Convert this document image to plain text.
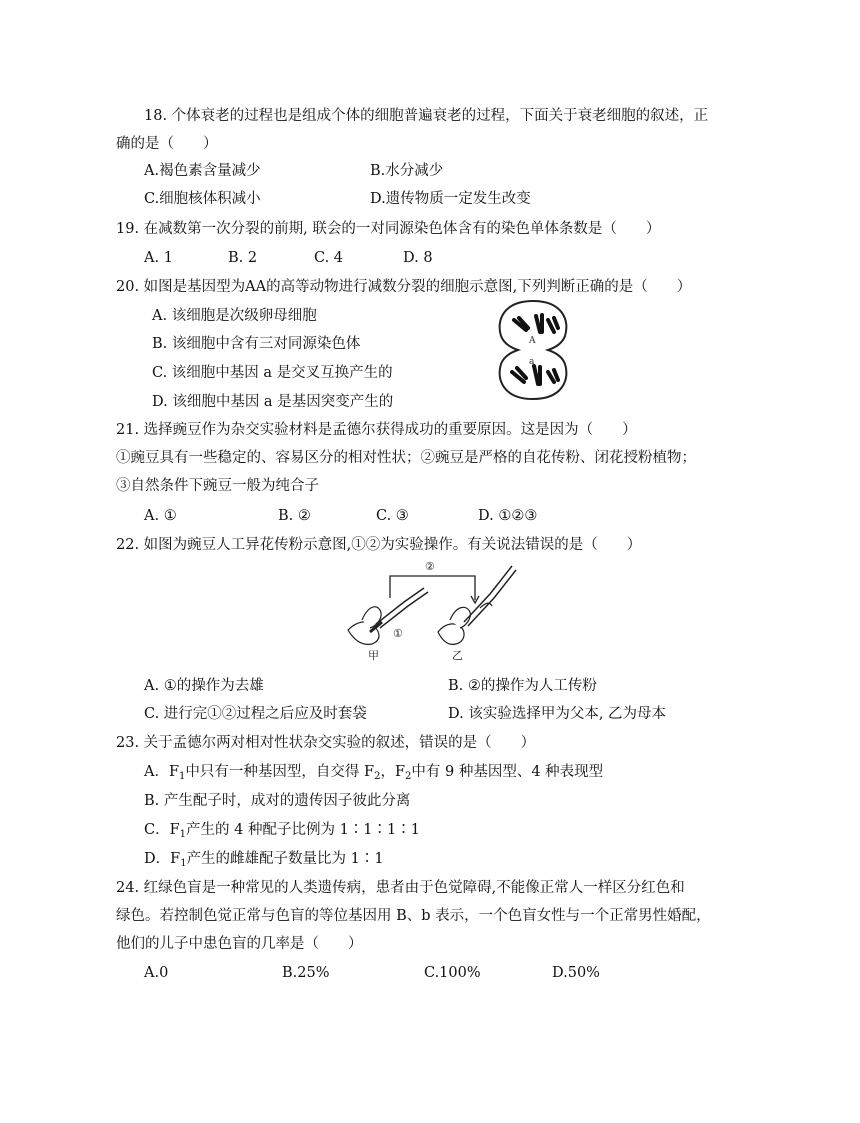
18. 个体衰老的过程也是组成个体的细胞普遍衰老的过程，下面关于衰老细胞的叙述，正
确的是（　　）
A.褐色素含量减少	B.水分减少
C.细胞核体积减小	D.遗传物质一定发生改变
19. 在减数第一次分裂的前期, 联会的一对同源染色体含有的染色单体条数是（　　）
A. 1	B. 2	C. 4	D. 8
20. 如图是基因型为AA的高等动物进行减数分裂的细胞示意图,下列判断正确的是（　　）
A. 该细胞是次级卵母细胞
B. 该细胞中含有三对同源染色体
C. 该细胞中基因 a 是交叉互换产生的
D. 该细胞中基因 a 是基因突变产生的
A
a
21. 选择豌豆作为杂交实验材料是孟德尔获得成功的重要原因。这是因为（　　）
①豌豆具有一些稳定的、容易区分的相对性状；②豌豆是严格的自花传粉、闭花授粉植物；
③自然条件下豌豆一般为纯合子
A. ①	B. ②	C. ③	D. ①②③
22. 如图为豌豆人工异花传粉示意图,①②为实验操作。有关说法错误的是（　　）
②
①
甲	乙
A. ①的操作为去雄	B. ②的操作为人工传粉
C. 进行完①②过程之后应及时套袋	D. 该实验选择甲为父本, 乙为母本
23. 关于孟德尔两对相对性状杂交实验的叙述，错误的是（　　）
A．$F_1$中只有一种基因型，自交得 $F_2$，$F_2$中有 9 种基因型、4 种表现型
B. 产生配子时，成对的遗传因子彼此分离
C．$F_1$产生的 4 种配子比例为 1∶1∶1∶1
D．$F_1$产生的雌雄配子数量比为 1∶1
24. 红绿色盲是一种常见的人类遗传病，患者由于色觉障碍,不能像正常人一样区分红色和
绿色。若控制色觉正常与色盲的等位基因用 B、b 表示，一个色盲女性与一个正常男性婚配，
他们的儿子中患色盲的几率是（　　）
A.0	B.25%	C.100%	D.50%
